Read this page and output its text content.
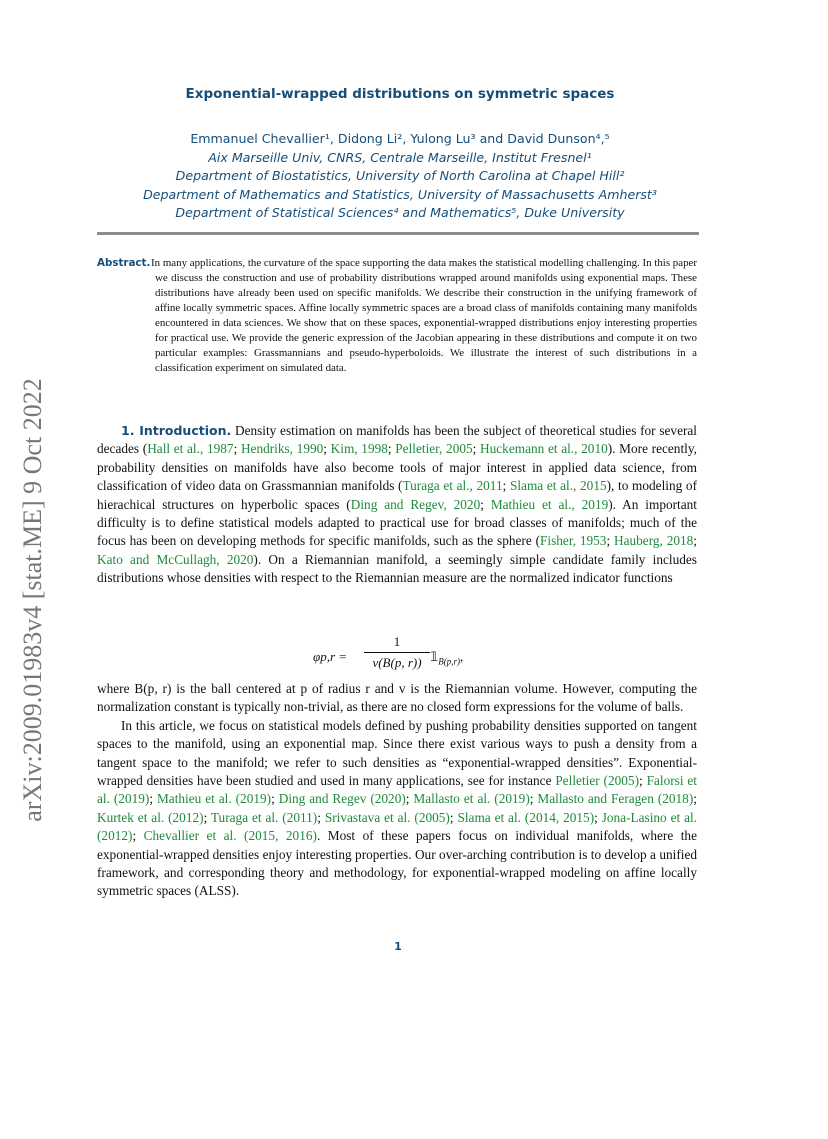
arXiv:2009.01983v4 [stat.ME] 9 Oct 2022
Exponential-wrapped distributions on symmetric spaces
Emmanuel Chevallier¹, Didong Li², Yulong Lu³ and David Dunson⁴,⁵
Aix Marseille Univ, CNRS, Centrale Marseille, Institut Fresnel¹
Department of Biostatistics, University of North Carolina at Chapel Hill²
Department of Mathematics and Statistics, University of Massachusetts Amherst³
Department of Statistical Sciences⁴ and Mathematics⁵, Duke University
Abstract. In many applications, the curvature of the space supporting the data makes the statistical modelling challenging. In this paper we discuss the construction and use of probability distributions wrapped around manifolds using exponential maps. These distributions have already been used on specific manifolds. We describe their construction in the unifying framework of affine locally symmetric spaces. Affine locally symmetric spaces are a broad class of manifolds containing many manifolds encountered in data sciences. We show that on these spaces, exponential-wrapped distributions enjoy interesting properties for practical use. We provide the generic expression of the Jacobian appearing in these distributions and compute it on two particular examples: Grassmannians and pseudo-hyperboloids. We illustrate the interest of such distributions in a classification experiment on simulated data.

1. Introduction. Density estimation on manifolds has been the subject of theoretical studies for several decades (Hall et al., 1987; Hendriks, 1990; Kim, 1998; Pelletier, 2005; Huckemann et al., 2010). More recently, probability densities on manifolds have also become tools of major interest in applied data science, from classification of video data on Grassmannian manifolds (Turaga et al., 2011; Slama et al., 2015), to modeling of hierachical structures on hyperbolic spaces (Ding and Regev, 2020; Mathieu et al., 2019). An important difficulty is to define statistical models adapted to practical use for broad classes of manifolds; much of the focus has been on developing methods for specific manifolds, such as the sphere (Fisher, 1953; Hauberg, 2018; Kato and McCullagh, 2020). On a Riemannian manifold, a seemingly simple candidate family includes distributions whose densities with respect to the Riemannian measure are the normalized indicator functions

φp,r =
1
v(B(p, r)) $𝟙_{B(p,r)}$,

where B(p, r) is the ball centered at p of radius r and v is the Riemannian volume. However, computing the normalization constant is typically non-trivial, as there are no closed form expressions for the volume of balls.

In this article, we focus on statistical models defined by pushing probability densities supported on tangent spaces to the manifold, using an exponential map. Since there exist various ways to push a density from a tangent space to the manifold; we refer to such densities as “exponential-wrapped densities”. Exponential-wrapped densities have been studied and used in many applications, see for instance Pelletier (2005); Falorsi et al. (2019); Mathieu et al. (2019); Ding and Regev (2020); Mallasto et al. (2019); Mallasto and Feragen (2018); Kurtek et al. (2012); Turaga et al. (2011); Srivastava et al. (2005); Slama et al. (2014, 2015); Jona-Lasino et al. (2012); Chevallier et al. (2015, 2016). Most of these papers focus on individual manifolds, where the exponential-wrapped densities enjoy interesting properties. Our over-arching contribution is to develop a unified framework, and corresponding theory and methodology, for exponential-wrapped modeling on affine locally symmetric spaces (ALSS).

1
